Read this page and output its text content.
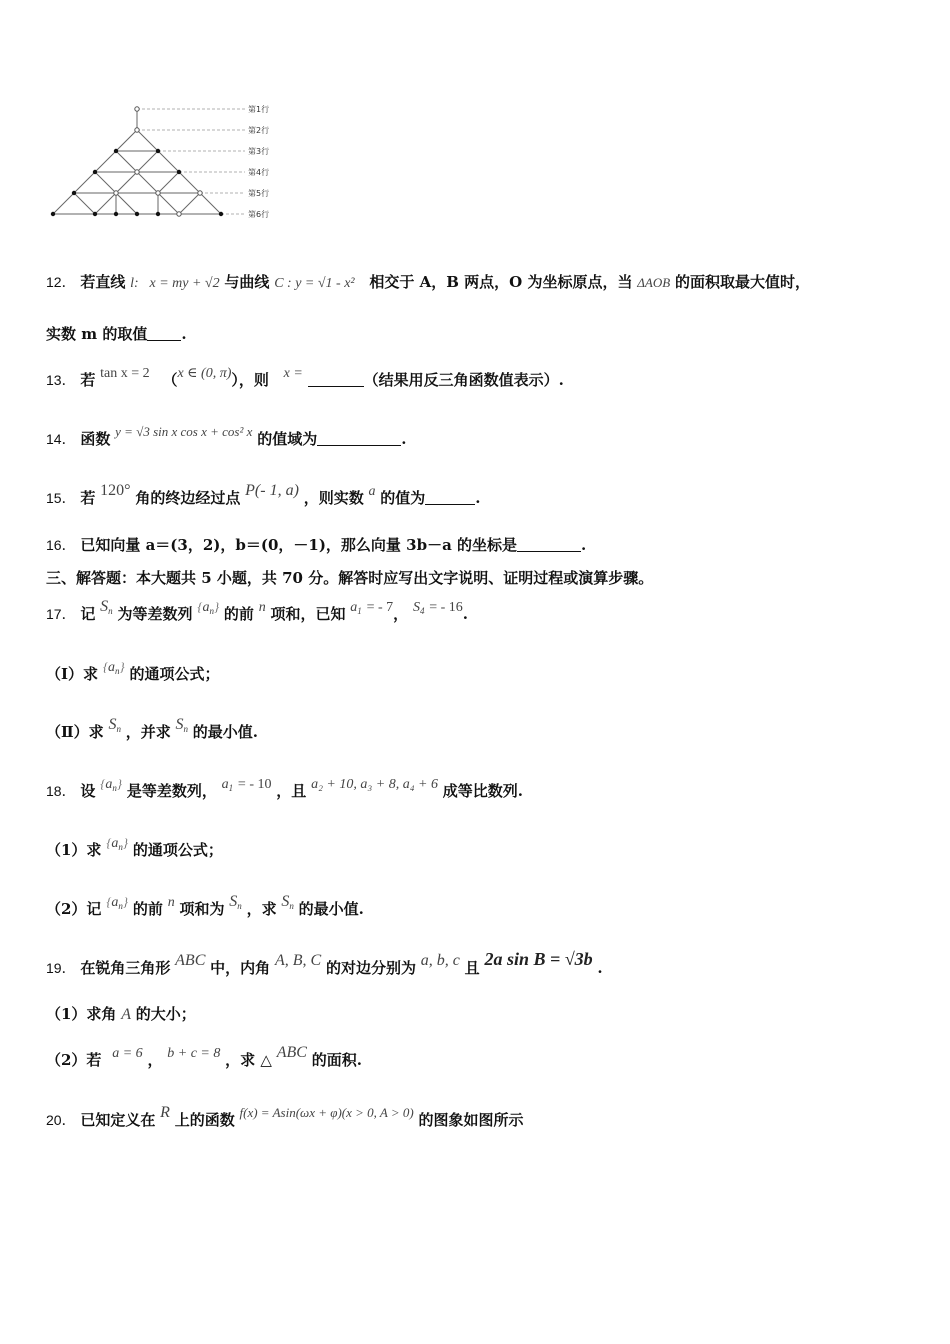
第1行
第2行
第3行
第4行
第5行
第6行
12． 若直线 l: x = my + √2 与曲线 C : y = √1 - x² 相交于 A，B 两点，O 为坐标原点，当 ΔAOB 的面积取最大值时，
实数 m 的取值 .
13． 若 tan x = 2 （x ∈ (0, π)），则 x =	（结果用反三角函数值表示）.
14． 函数 y = √3 sin x cos x + cos² x 的值域为	.
15． 若 120° 角的终边经过点 P(- 1, a) ，则实数 a 的值为	.
16． 已知向量 a＝(3，2)，b＝(0，－1)，那么向量 3b－a 的坐标是	.
三、解答题：本大题共 5 小题，共 70 分。解答时应写出文字说明、证明过程或演算步骤。
17． 记 $S_n$ 为等差数列 $\{a_n\}$ 的前 n 项和，已知 $a_1$ = - 7， $S_4$ = - 16.
（Ⅰ）求 $\{a_n\}$ 的通项公式；
（Ⅱ）求 $S_n$ ，并求 $S_n$ 的最小值.
18． 设 $\{a_n\}$ 是等差数列， $a_1$ = - 10 ，且 a₂ + 10, a₃ + 8, a₄ + 6 成等比数列.
（1）求 $\{a_n\}$ 的通项公式；
（2）记 $\{a_n\}$ 的前 n 项和为 $S_n$ ，求 $S_n$ 的最小值.
19． 在锐角三角形 ABC 中，内角 A, B, C 的对边分别为 a, b, c 且 2a sin B = √3b .
（1）求角 A 的大小；
（2）若 a = 6 ， b + c = 8 ，求 △ ABC 的面积.
20． 已知定义在 R 上的函数 f(x) = Asin(ωx + φ)(x > 0, A > 0) 的图象如图所示
